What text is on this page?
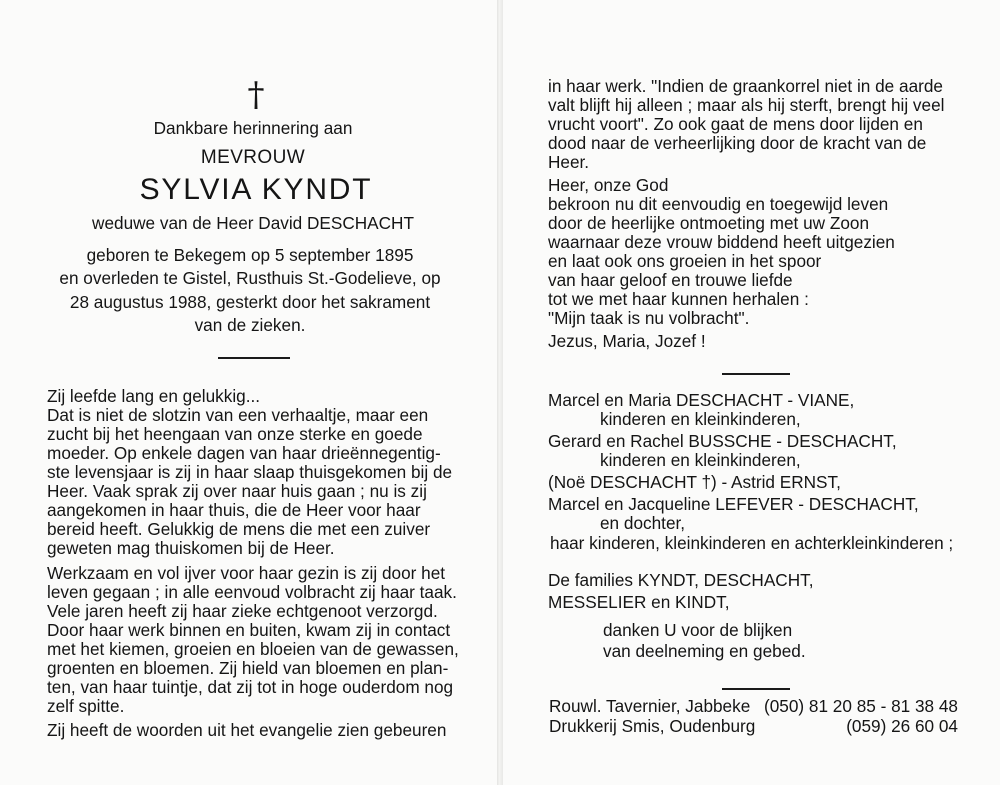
†
Dankbare herinnering aan
MEVROUW
SYLVIA KYNDT
weduwe van de Heer David DESCHACHT
geboren te Bekegem op 5 september 1895
en overleden te Gistel, Rusthuis St.-Godelieve, op
28 augustus 1988, gesterkt door het sakrament
van de zieken.
Zij leefde lang en gelukkig...
Dat is niet de slotzin van een verhaaltje, maar een
zucht bij het heengaan van onze sterke en goede
moeder. Op enkele dagen van haar drieënnegentig-
ste levensjaar is zij in haar slaap thuisgekomen bij de
Heer. Vaak sprak zij over naar huis gaan ; nu is zij
aangekomen in haar thuis, die de Heer voor haar
bereid heeft. Gelukkig de mens die met een zuiver
geweten mag thuiskomen bij de Heer.
Werkzaam en vol ijver voor haar gezin is zij door het
leven gegaan ; in alle eenvoud volbracht zij haar taak.
Vele jaren heeft zij haar zieke echtgenoot verzorgd.
Door haar werk binnen en buiten, kwam zij in contact
met het kiemen, groeien en bloeien van de gewassen,
groenten en bloemen. Zij hield van bloemen en plan-
ten, van haar tuintje, dat zij tot in hoge ouderdom nog
zelf spitte.
Zij heeft de woorden uit het evangelie zien gebeuren
in haar werk. "Indien de graankorrel niet in de aarde
valt blijft hij alleen ; maar als hij sterft, brengt hij veel
vrucht voort". Zo ook gaat de mens door lijden en
dood naar de verheerlijking door de kracht van de
Heer.
Heer, onze God
bekroon nu dit eenvoudig en toegewijd leven
door de heerlijke ontmoeting met uw Zoon
waarnaar deze vrouw biddend heeft uitgezien
en laat ook ons groeien in het spoor
van haar geloof en trouwe liefde
tot we met haar kunnen herhalen :
"Mijn taak is nu volbracht".
Jezus, Maria, Jozef !
Marcel en Maria DESCHACHT - VIANE,
kinderen en kleinkinderen,
Gerard en Rachel BUSSCHE - DESCHACHT,
kinderen en kleinkinderen,
(Noë DESCHACHT †) - Astrid ERNST,
Marcel en Jacqueline LEFEVER - DESCHACHT,
en dochter,
haar kinderen, kleinkinderen en achterkleinkinderen ;
De families KYNDT, DESCHACHT,
MESSELIER en KINDT,
danken U voor de blijken
van deelneming en gebed.
Rouwl. Tavernier, Jabbeke (050) 81 20 85 - 81 38 48
Drukkerij Smis, Oudenburg	(059) 26 60 04
